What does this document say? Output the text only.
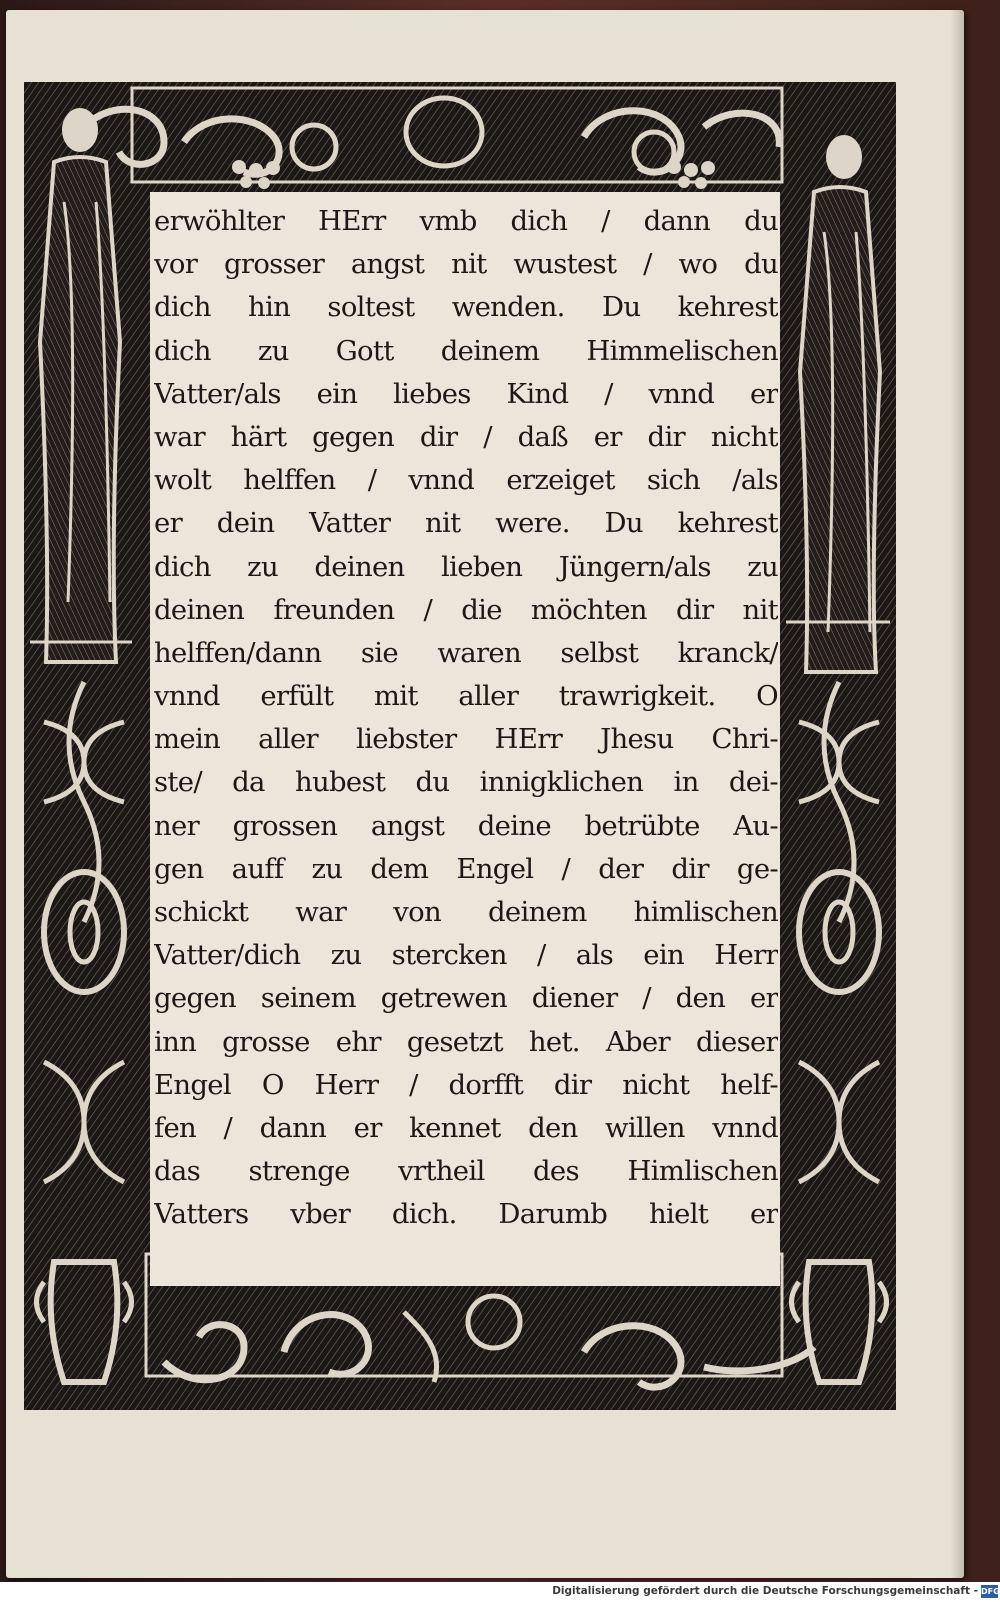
erwöhlter HErr vmb dich / dann du
vor grosser angst nit wustest / wo du
dich hin soltest wenden. Du kehrest
dich zu Gott deinem Himmelischen
Vatter/als ein liebes Kind / vnnd er
war härt gegen dir / daß er dir nicht
wolt helffen / vnnd erzeiget sich /als
er dein Vatter nit were. Du kehrest
dich zu deinen lieben Jüngern/als zu
deinen freunden / die möchten dir nit
helffen/dann sie waren selbst kranck/
vnnd erfült mit aller trawrigkeit. O
mein aller liebster HErr Jhesu Chri-
ste/ da hubest du innigklichen in dei-
ner grossen angst deine betrübte Au-
gen auff zu dem Engel / der dir ge-
schickt war von deinem himlischen
Vatter/dich zu stercken / als ein Herr
gegen seinem getrewen diener / den er
inn grosse ehr gesetzt het. Aber dieser
Engel O Herr / dorfft dir nicht helf-
fen / dann er kennet den willen vnnd
das strenge vrtheil des Himlischen
Vatters vber dich. Darumb hielt er
Digitalisierung gefördert durch die Deutsche Forschungsgemeinschaft - DFG
